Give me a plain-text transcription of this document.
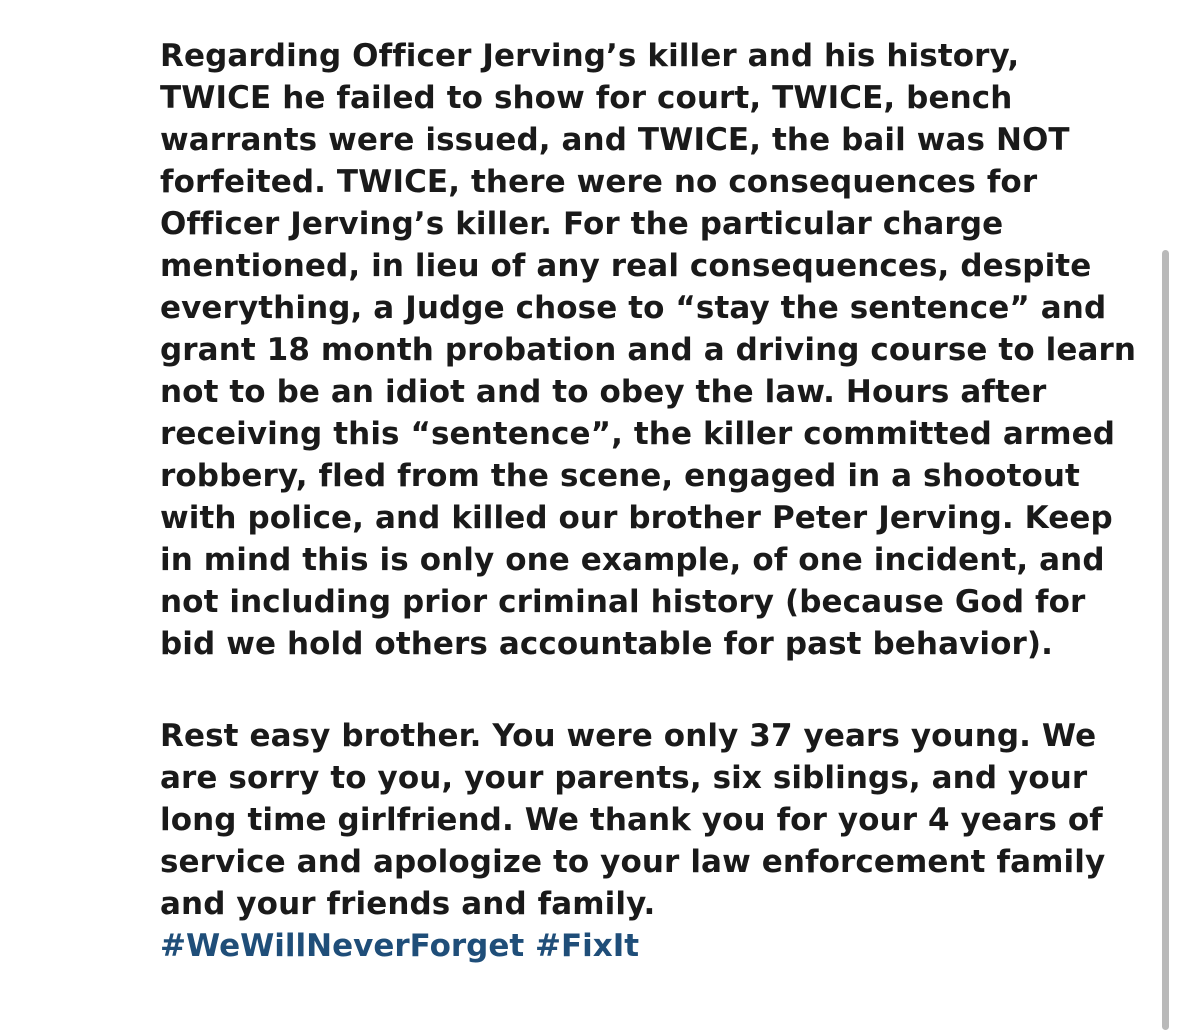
Regarding Officer Jerving’s killer and his history,
TWICE he failed to show for court, TWICE, bench
warrants were issued, and TWICE, the bail was NOT
forfeited. TWICE, there were no consequences for
Officer Jerving’s killer. For the particular charge
mentioned, in lieu of any real consequences, despite
everything, a Judge chose to “stay the sentence” and
grant 18 month probation and a driving course to learn
not to be an idiot and to obey the law. Hours after
receiving this “sentence”, the killer committed armed
robbery, fled from the scene, engaged in a shootout
with police, and killed our brother Peter Jerving. Keep
in mind this is only one example, of one incident, and
not including prior criminal history (because God for
bid we hold others accountable for past behavior).

Rest easy brother. You were only 37 years young. We
are sorry to you, your parents, six siblings, and your
long time girlfriend. We thank you for your 4 years of
service and apologize to your law enforcement family
and your friends and family.

#WeWillNeverForget #FixIt
